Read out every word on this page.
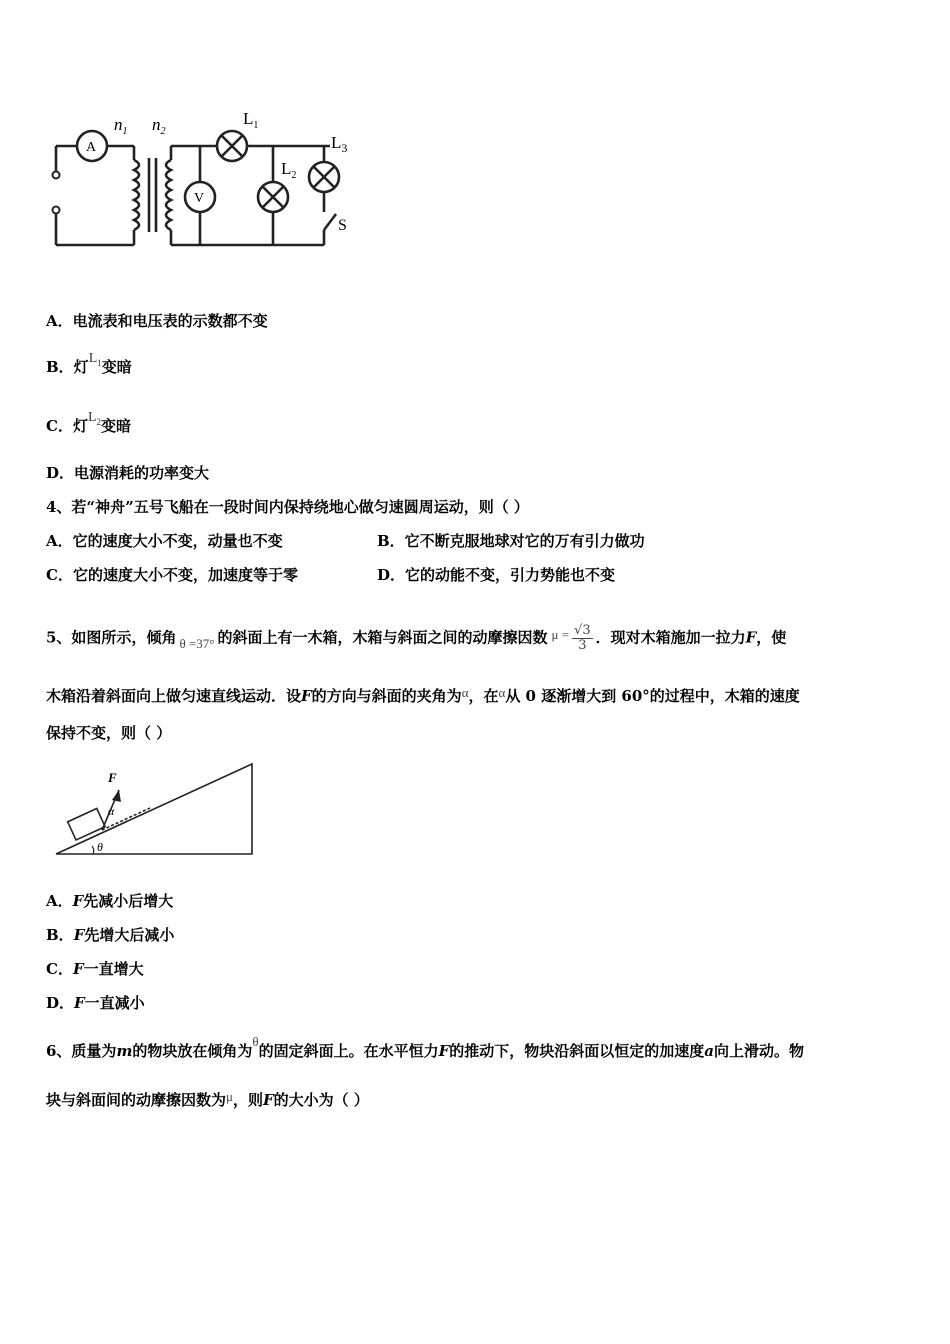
A
V
$n_1$ $n_2$
$L_1$
$L_2$
$L_3$
S
A．电流表和电压表的示数都不变
B．灯$L_1$变暗
C．灯$L_2$变暗
D．电源消耗的功率变大
4、若“神舟”五号飞船在一段时间内保持绕地心做匀速圆周运动，则（ ）
A．它的速度大小不变，动量也不变	B．它不断克服地球对它的万有引力做功
C．它的速度大小不变，加速度等于零	D．它的动能不变，引力势能也不变
5、如图所示，倾角 θ =37° 的斜面上有一木箱，木箱与斜面之间的动摩擦因数 $\mu = \frac{√3}{3}$ ．现对木箱施加一拉力F，使
木箱沿着斜面向上做匀速直线运动．设F的方向与斜面的夹角为α，在α从 0 逐渐增大到 60°的过程中，木箱的速度
保持不变，则（ ）
F
α
θ
A．F先减小后增大
B．F先增大后减小
C．F一直增大
D．F一直减小
6、质量为m的物块放在倾角为θ的固定斜面上。在水平恒力F的推动下，物块沿斜面以恒定的加速度a向上滑动。物
块与斜面间的动摩擦因数为μ，则F的大小为（ ）
